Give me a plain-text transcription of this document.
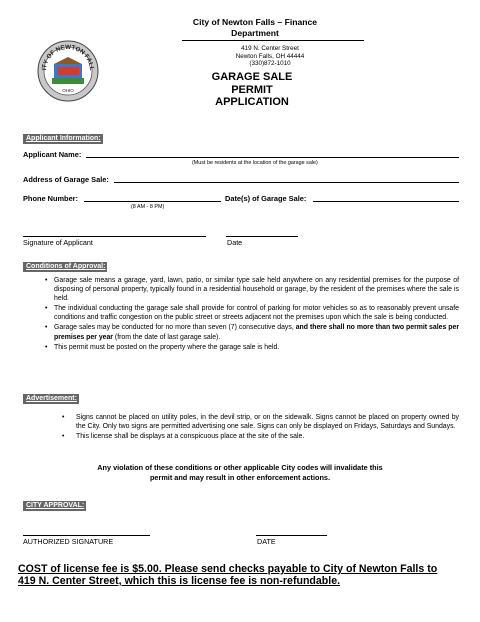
ITY OF NEWTON FALL
OHIO
City of Newton Falls – Finance Department
419 N. Center Street
Newton Falls, OH 44444
(330)872-1010
GARAGE SALE
PERMIT
APPLICATION
Applicant Information:
Applicant Name:
(Must be residents at the location of the garage sale)
Address of Garage Sale:
Phone Number:
(8 AM - 8 PM)
Date(s) of Garage Sale:
Signature of Applicant	Date
Conditions of Approval:
• Garage sale means a garage, yard, lawn, patio, or similar type sale held anywhere on any residential premises for the purpose of disposing of personal property, typically found in a residential household or garage, by the resident of the premises where the sale is held.
• The individual conducting the garage sale shall provide for control of parking for motor vehicles so as to reasonably prevent unsafe conditions and traffic congestion on the public street or streets adjacent not the premises upon which the sale is being conducted.
• Garage sales may be conducted for no more than seven (7) consecutive days, and there shall no more than two permit sales per premises per year (from the date of last garage sale).
• This permit must be posted on the property where the garage sale is held.
Advertisement:
• Signs cannot be placed on utility poles, in the devil strip, or on the sidewalk. Signs cannot be placed on property owned by the City. Only two signs are permitted advertising one sale. Signs can only be displayed on Fridays, Saturdays and Sundays.
• This license shall be displays at a conspicuous place at the site of the sale.
Any violation of these conditions or other applicable City codes will invalidate this
permit and may result in other enforcement actions.
CITY APPROVAL:
AUTHORIZED SIGNATURE	DATE
COST of license fee is $5.00. Please send checks payable to City of Newton Falls to
419 N. Center Street, which this is license fee is non-refundable.
